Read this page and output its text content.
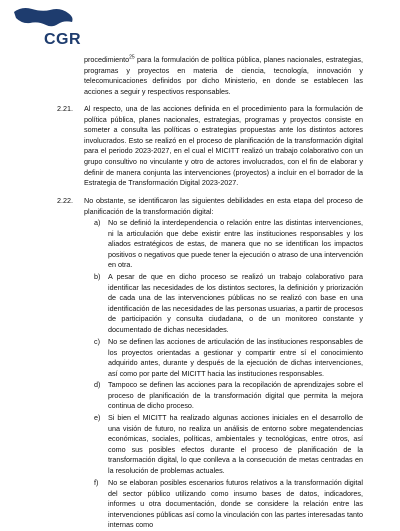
CGR
procedimiento$^{25}$ para la formulación de política pública, planes nacionales, estrategias, programas y proyectos en materia de ciencia, tecnología, innovación y telecomunicaciones definidos por dicho Ministerio, en donde se establecen las acciones a seguir y respectivos responsables.
2.21. Al respecto, una de las acciones definida en el procedimiento para la formulación de política pública, planes nacionales, estrategias, programas y proyectos consiste en someter a consulta las políticas o estrategias propuestas ante los distintos actores involucrados. Esto se realizó en el proceso de planificación de la transformación digital para el periodo 2023-2027, en el cual el MICITT realizó un trabajo colaborativo con un grupo consultivo no vinculante y otro de actores involucrados, con el fin de elaborar y definir de manera conjunta las intervenciones (proyectos) a incluir en el borrador de la Estrategia de Transformación Digital 2023-2027.
2.22. No obstante, se identificaron las siguientes debilidades en esta etapa del proceso de planificación de la transformación digital:
a) No se definió la interdependencia o relación entre las distintas intervenciones, ni la articulación que debe existir entre las instituciones responsables y los aliados estratégicos de estas, de manera que no se identifican los impactos positivos o negativos que puede tener la ejecución o atraso de una intervención en otra.
b) A pesar de que en dicho proceso se realizó un trabajo colaborativo para identificar las necesidades de los distintos sectores, la definición y priorización de cada una de las intervenciones públicas no se realizó con base en una identificación de las necesidades de las personas usuarias, a partir de procesos de participación y consulta ciudadana, o de un monitoreo constante y documentado de dichas necesidades.
c) No se definen las acciones de articulación de las instituciones responsables de los proyectos orientadas a gestionar y compartir entre sí el conocimiento adquirido antes, durante y después de la ejecución de dichas intervenciones, así como por parte del MICITT hacia las instituciones responsables.
d) Tampoco se definen las acciones para la recopilación de aprendizajes sobre el proceso de planificación de la transformación digital que permita la mejora continua de dicho proceso.
e) Si bien el MICITT ha realizado algunas acciones iniciales en el desarrollo de una visión de futuro, no realiza un análisis de entorno sobre megatendencias económicas, sociales, políticas, ambientales y tecnológicas, entre otros, así como sus posibles efectos durante el proceso de planificación de la transformación digital, lo que conlleva a la consecución de metas centradas en la resolución de problemas actuales.
f) No se elaboran posibles escenarios futuros relativos a la transformación digital del sector público utilizando como insumo bases de datos, indicadores, informes u otra documentación, donde se considere la relación entre las intervenciones públicas así como la vinculación con las partes interesadas tanto internas como
